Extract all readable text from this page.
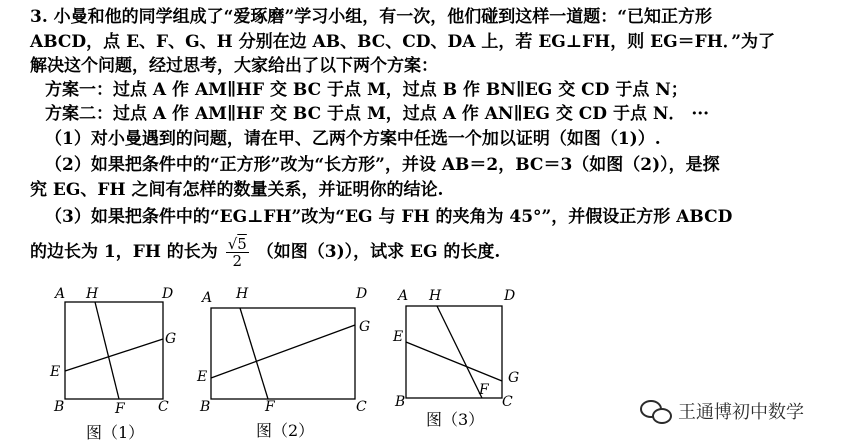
3. 小曼和他的同学组成了“爱琢磨”学习小组，有一次，他们碰到这样一道题：“已知正方形
ABCD，点 E、F、G、H 分别在边 AB、BC、CD、DA 上，若 EG⊥FH，则 EG＝FH．”为了
解决这个问题，经过思考，大家给出了以下两个方案：
方案一：过点 A 作 AM∥HF 交 BC 于点 M，过点 B 作 BN∥EG 交 CD 于点 N；
方案二：过点 A 作 AM∥HF 交 BC 于点 M，过点 A 作 AN∥EG 交 CD 于点 N． ···
（1）对小曼遇到的问题，请在甲、乙两个方案中任选一个加以证明（如图（1)）.
（2）如果把条件中的“正方形”改为“长方形”，并设 AB＝2，BC＝3（如图（2)），是探
究 EG、FH 之间有怎样的数量关系，并证明你的结论.
（3）如果把条件中的“EG⊥FH”改为“EG 与 FH 的夹角为 45°”，并假设正方形 ABCD
的边长为 1，FH 的长为 $\frac{√5}{2}$ （如图（3)），试求 EG 的长度.
A H	D
G
E
B	F C
图（1）
A H	D
G
E
B	F	C
图（2）
A H	D
G
E
B
F
C
图（3）	王通博初中数学
